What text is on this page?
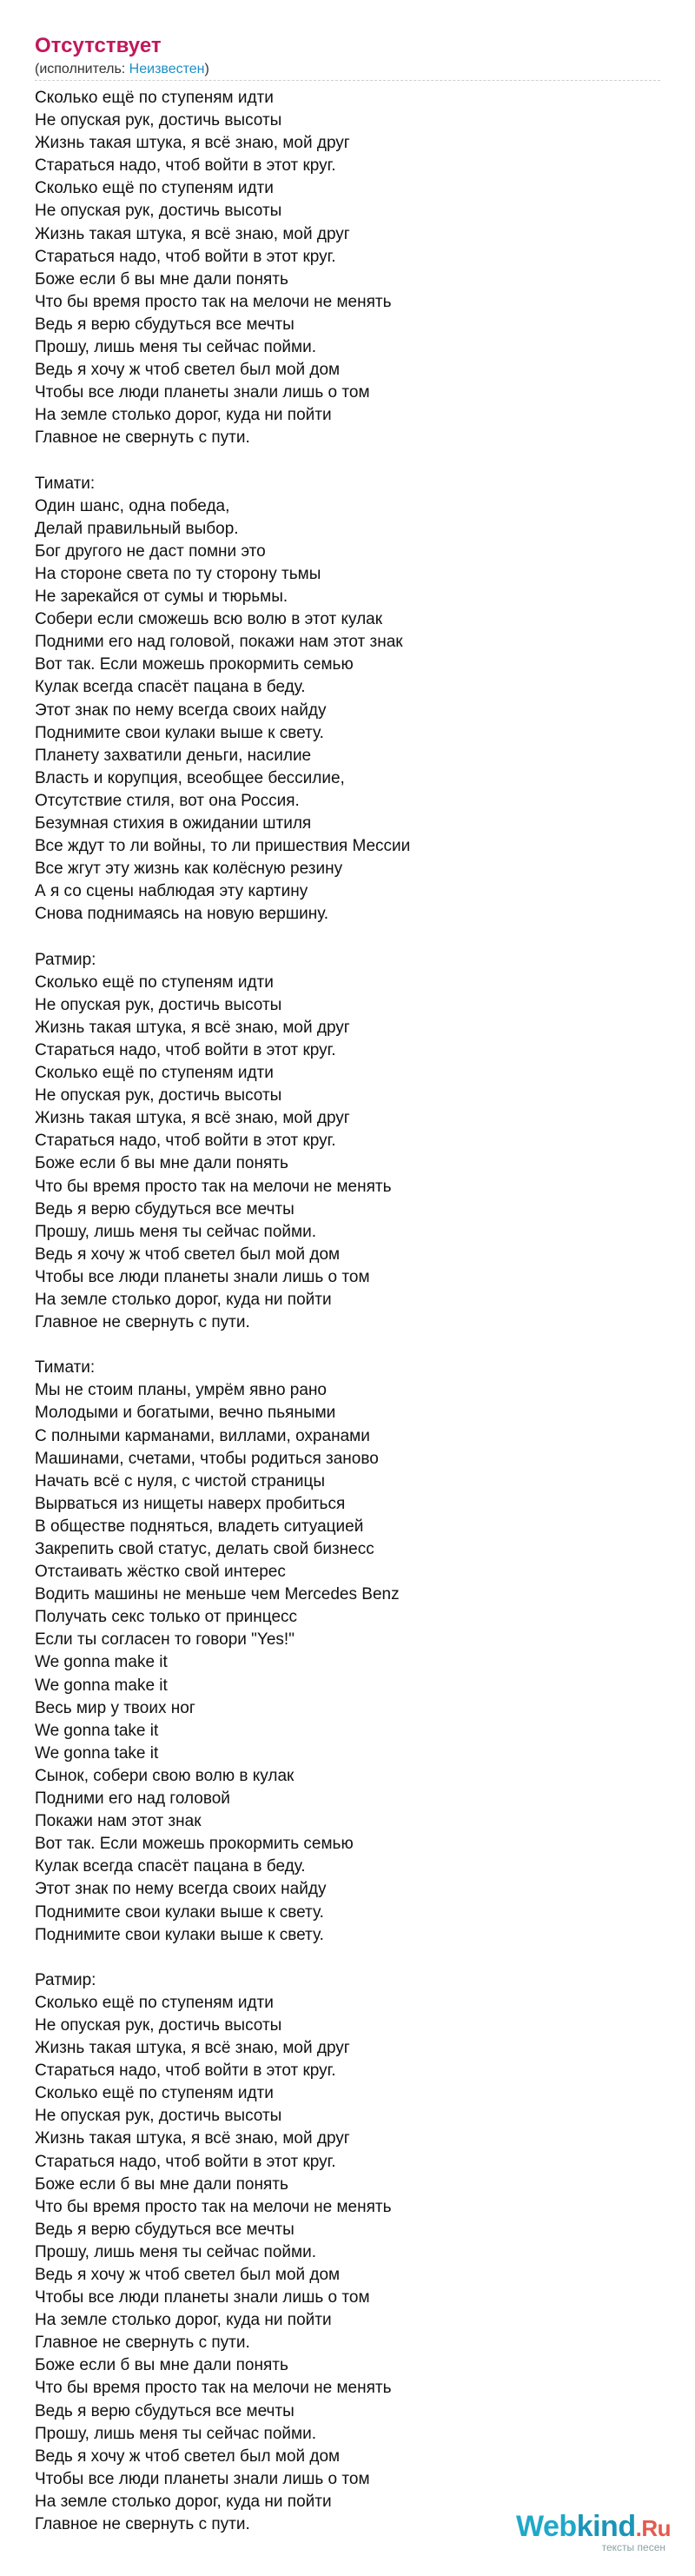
Отсутствует
(исполнитель: Неизвестен)
Сколько ещё по ступеням идти
Не опуская рук, достичь высоты
Жизнь такая штука, я всё знаю, мой друг
Стараться надо, чтоб войти в этот круг.
Сколько ещё по ступеням идти
Не опуская рук, достичь высоты
Жизнь такая штука, я всё знаю, мой друг
Стараться надо, чтоб войти в этот круг.
Боже если б вы мне дали понять
Что бы время просто так на мелочи не менять
Ведь я верю сбудуться все мечты
Прошу, лишь меня ты сейчас пойми.
Ведь я хочу ж чтоб светел был мой дом
Чтобы все люди планеты знали лишь о том
На земле столько дорог, куда ни пойти
Главное не свернуть с пути.
Тимати:
Один шанс, одна победа,
Делай правильный выбор.
Бог другого не даст помни это
На стороне света по ту сторону тьмы
Не зарекайся от сумы и тюрьмы.
Собери если сможешь всю волю в этот кулак
Подними его над головой, покажи нам этот знак
Вот так. Если можешь прокормить семью
Кулак всегда спасёт пацана в беду.
Этот знак по нему всегда своих найду
Поднимите свои кулаки выше к свету.
Планету захватили деньги, насилие
Власть и корупция, всеобщее бессилие,
Отсутствие стиля, вот она Россия.
Безумная стихия в ожидании штиля
Все ждут то ли войны, то ли пришествия Мессии
Все жгут эту жизнь как колёсную резину
А я со сцены наблюдая эту картину
Снова поднимаясь на новую вершину.
Ратмир:
Сколько ещё по ступеням идти
Не опуская рук, достичь высоты
Жизнь такая штука, я всё знаю, мой друг
Стараться надо, чтоб войти в этот круг.
Сколько ещё по ступеням идти
Не опуская рук, достичь высоты
Жизнь такая штука, я всё знаю, мой друг
Стараться надо, чтоб войти в этот круг.
Боже если б вы мне дали понять
Что бы время просто так на мелочи не менять
Ведь я верю сбудуться все мечты
Прошу, лишь меня ты сейчас пойми.
Ведь я хочу ж чтоб светел был мой дом
Чтобы все люди планеты знали лишь о том
На земле столько дорог, куда ни пойти
Главное не свернуть с пути.
Тимати:
Мы не стоим планы, умрём явно рано
Молодыми и богатыми, вечно пьяными
С полными карманами, виллами, охранами
Машинами, счетами, чтобы родиться заново
Начать всё с нуля, с чистой страницы
Вырваться из нищеты наверх пробиться
В обществе подняться, владеть ситуацией
Закрепить свой статус, делать свой бизнесс
Отстаивать жёстко свой интерес
Водить машины не меньше чем Mercedes Benz
Получать секс только от принцесс
Если ты согласен то говори "Yes!"
We gonna make it
We gonna make it
Весь мир у твоих ног
We gonna take it
We gonna take it
Сынок, собери свою волю в кулак
Подними его над головой
Покажи нам этот знак
Вот так. Если можешь прокормить семью
Кулак всегда спасёт пацана в беду.
Этот знак по нему всегда своих найду
Поднимите свои кулаки выше к свету.
Поднимите свои кулаки выше к свету.
Ратмир:
Сколько ещё по ступеням идти
Не опуская рук, достичь высоты
Жизнь такая штука, я всё знаю, мой друг
Стараться надо, чтоб войти в этот круг.
Сколько ещё по ступеням идти
Не опуская рук, достичь высоты
Жизнь такая штука, я всё знаю, мой друг
Стараться надо, чтоб войти в этот круг.
Боже если б вы мне дали понять
Что бы время просто так на мелочи не менять
Ведь я верю сбудуться все мечты
Прошу, лишь меня ты сейчас пойми.
Ведь я хочу ж чтоб светел был мой дом
Чтобы все люди планеты знали лишь о том
На земле столько дорог, куда ни пойти
Главное не свернуть с пути.
Боже если б вы мне дали понять
Что бы время просто так на мелочи не менять
Ведь я верю сбудуться все мечты
Прошу, лишь меня ты сейчас пойми.
Ведь я хочу ж чтоб светел был мой дом
Чтобы все люди планеты знали лишь о том
На земле столько дорог, куда ни пойти
Главное не свернуть с пути.	Webkind.Ru
тексты песен
